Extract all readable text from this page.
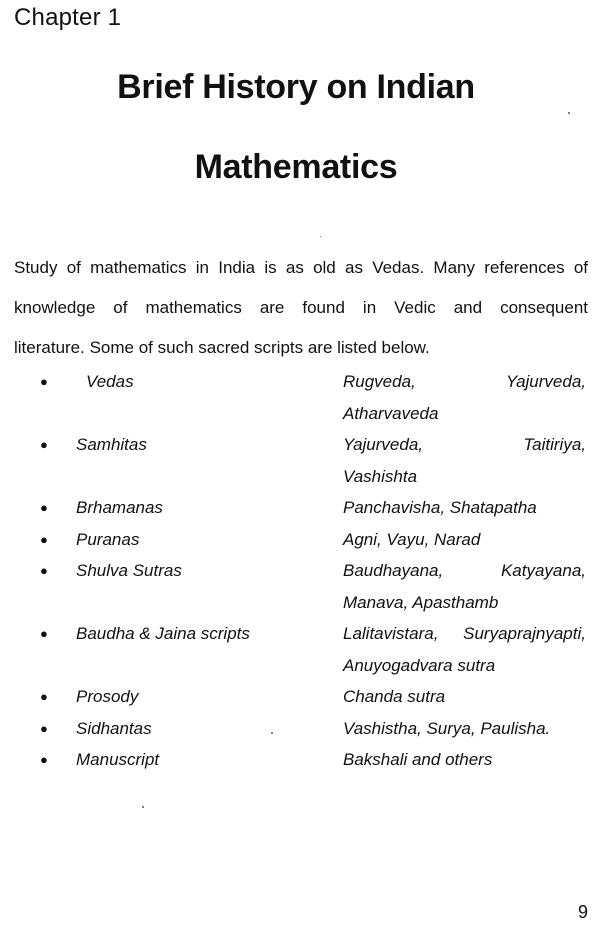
Chapter 1
Brief History on Indian
Mathematics

Study of mathematics in India is as old as Vedas. Many references of
knowledge of mathematics are found in Vedic and consequent
literature. Some of such sacred scripts are listed below.

● Vedas	Rugveda, Yajurveda,
Atharvaveda
● Samhitas	Yajurveda, Taitiriya,
Vashishta
● Brhamanas	Panchavisha, Shatapatha
● Puranas	Agni, Vayu, Narad
● Shulva Sutras	Baudhayana, Katyayana,
Manava, Apasthamb
● Baudha & Jaina scripts	Lalitavistara, Suryaprajnyapti,
Anuyogadvara sutra
● Prosody	Chanda sutra
● Sidhantas	Vashistha, Surya, Paulisha.
● Manuscript	Bakshali and others
9
